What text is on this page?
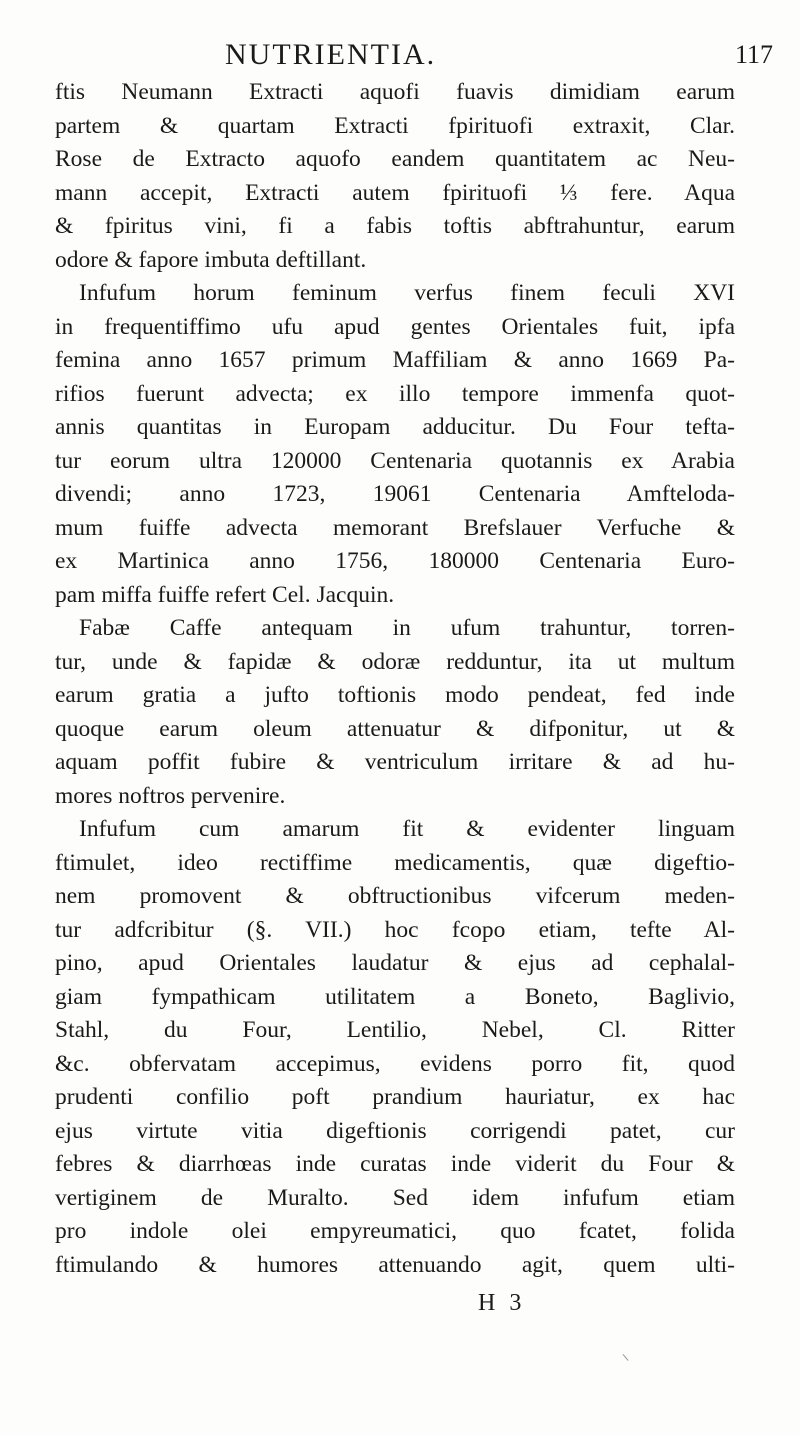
NUTRIENTIA.	117
ftis Neumann Extracti aquofi fuavis dimidiam earum
partem & quartam Extracti fpirituofi extraxit, Clar.
Rose de Extracto aquofo eandem quantitatem ac Neu-
mann accepit, Extracti autem fpirituofi ⅓ fere. Aqua
& fpiritus vini, fi a fabis toftis abftrahuntur, earum
odore & fapore imbuta deftillant.
Infufum horum feminum verfus finem feculi XVI
in frequentiffimo ufu apud gentes Orientales fuit, ipfa
femina anno 1657 primum Maffiliam & anno 1669 Pa-
rifios fuerunt advecta; ex illo tempore immenfa quot-
annis quantitas in Europam adducitur. Du Four tefta-
tur eorum ultra 120000 Centenaria quotannis ex Arabia
divendi; anno 1723, 19061 Centenaria Amfteloda-
mum fuiffe advecta memorant Brefslauer Verfuche &
ex Martinica anno 1756, 180000 Centenaria Euro-
pam miffa fuiffe refert Cel. Jacquin.
Fabæ Caffe antequam in ufum trahuntur, torren-
tur, unde & fapidæ & odoræ redduntur, ita ut multum
earum gratia a jufto toftionis modo pendeat, fed inde
quoque earum oleum attenuatur & difponitur, ut &
aquam poffit fubire & ventriculum irritare & ad hu-
mores noftros pervenire.
Infufum cum amarum fit & evidenter linguam
ftimulet, ideo rectiffime medicamentis, quæ digeftio-
nem promovent & obftructionibus vifcerum meden-
tur adfcribitur (§. VII.) hoc fcopo etiam, tefte Al-
pino, apud Orientales laudatur & ejus ad cephalal-
giam fympathicam utilitatem a Boneto, Baglivio,
Stahl, du Four, Lentilio, Nebel, Cl. Ritter
&c. obfervatam accepimus, evidens porro fit, quod
prudenti confilio poft prandium hauriatur, ex hac
ejus virtute vitia digeftionis corrigendi patet, cur
febres & diarrhœas inde curatas inde viderit du Four &
vertiginem de Muralto. Sed idem infufum etiam
pro indole olei empyreumatici, quo fcatet, folida
ftimulando & humores attenuando agit, quem ulti-
H 3
